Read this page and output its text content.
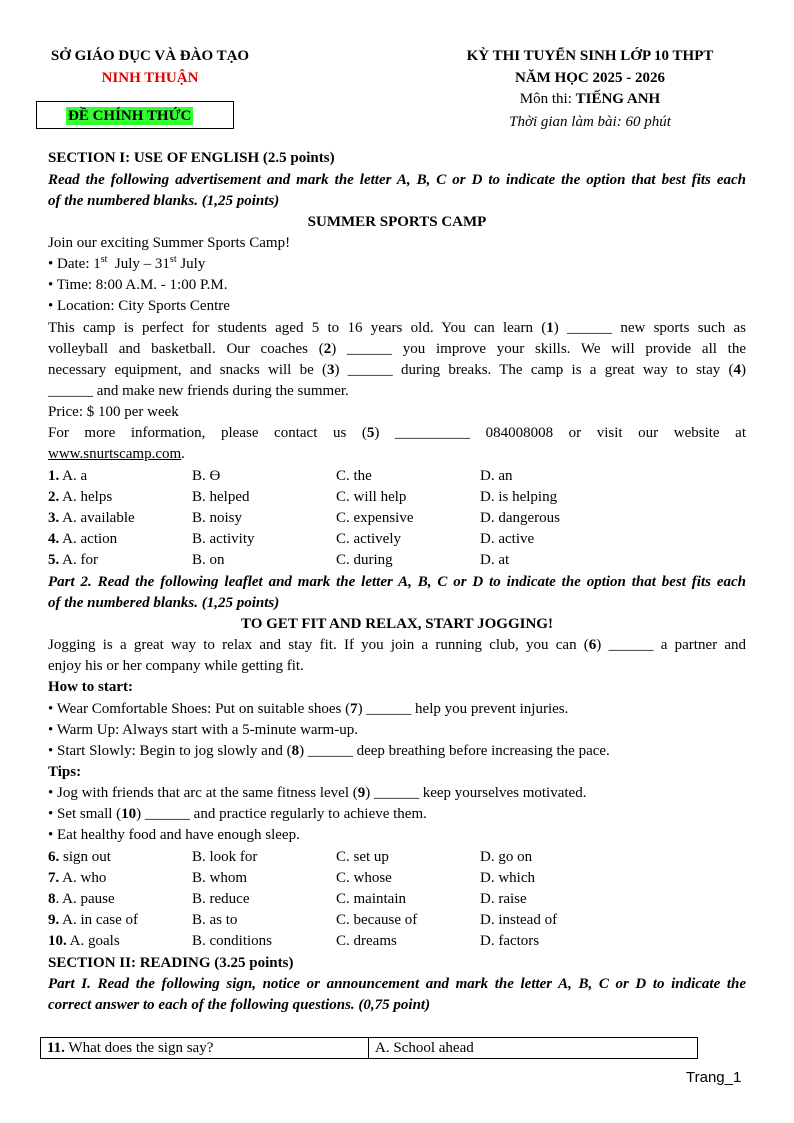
SỞ GIÁO DỤC VÀ ĐÀO TẠO
NINH THUẬN
ĐỀ CHÍNH THỨC
KỲ THI TUYỂN SINH LỚP 10 THPT
NĂM HỌC 2025 - 2026
Môn thi: TIẾNG ANH
Thời gian làm bài: 60 phút
SECTION I: USE OF ENGLISH (2.5 points)
Read the following advertisement and mark the letter A, B, C or D to indicate the option that best fits each
of the numbered blanks. (1,25 points)
SUMMER SPORTS CAMP
Join our exciting Summer Sports Camp!
• Date: 1st  July – 31st July
• Time: 8:00 A.M. - 1:00 P.M.
• Location: City Sports Centre
This camp is perfect for students aged 5 to 16 years old. You can learn (1) ______ new sports such as
volleyball and basketball. Our coaches (2) ______ you improve your skills. We will provide all the
necessary equipment, and snacks will be (3) ______ during breaks. The camp is a great way to stay (4)
______ and make new friends during the summer.
Price: $ 100 per week
For more information, please contact us (5) __________ 084008008 or visit our website at
www.snurtscamp.com.
1. A. a	B. Ө	C. the	D. an
2. A. helps	B. helped	C. will help	D. is helping
3. A. available	B. noisy	C. expensive	D. dangerous
4. A. action	B. activity	C. actively	D. active
5. A. for	B. on	C. during	D. at
Part 2. Read the following leaflet and mark the letter A, B, C or D to indicate the option that best fits each
of the numbered blanks. (1,25 points)
TO GET FIT AND RELAX, START JOGGING!
Jogging is a great way to relax and stay fit. If you join a running club, you can (6) ______ a partner and
enjoy his or her company while getting fit.
How to start:
• Wear Comfortable Shoes: Put on suitable shoes (7) ______ help you prevent injuries.
• Warm Up: Always start with a 5-minute warm-up.
• Start Slowly: Begin to jog slowly and (8) ______ deep breathing before increasing the pace.
Tips:
• Jog with friends that arc at the same fitness level (9) ______ keep yourselves motivated.
• Set small (10) ______ and practice regularly to achieve them.
• Eat healthy food and have enough sleep.
6. sign out	B. look for	C. set up	D. go on
7. A. who	B. whom	C. whose	D. which
8. A. pause	B. reduce	C. maintain	D. raise
9. A. in case of	B. as to	C. because of	D. instead of
10. A. goals	B. conditions	C. dreams	D. factors
SECTION II: READING (3.25 points)
Part I. Read the following sign, notice or announcement and mark the letter A, B, C or D to indicate the
correct answer to each of the following questions. (0,75 point)
11. What does the sign say?	A. School ahead
Trang_1
